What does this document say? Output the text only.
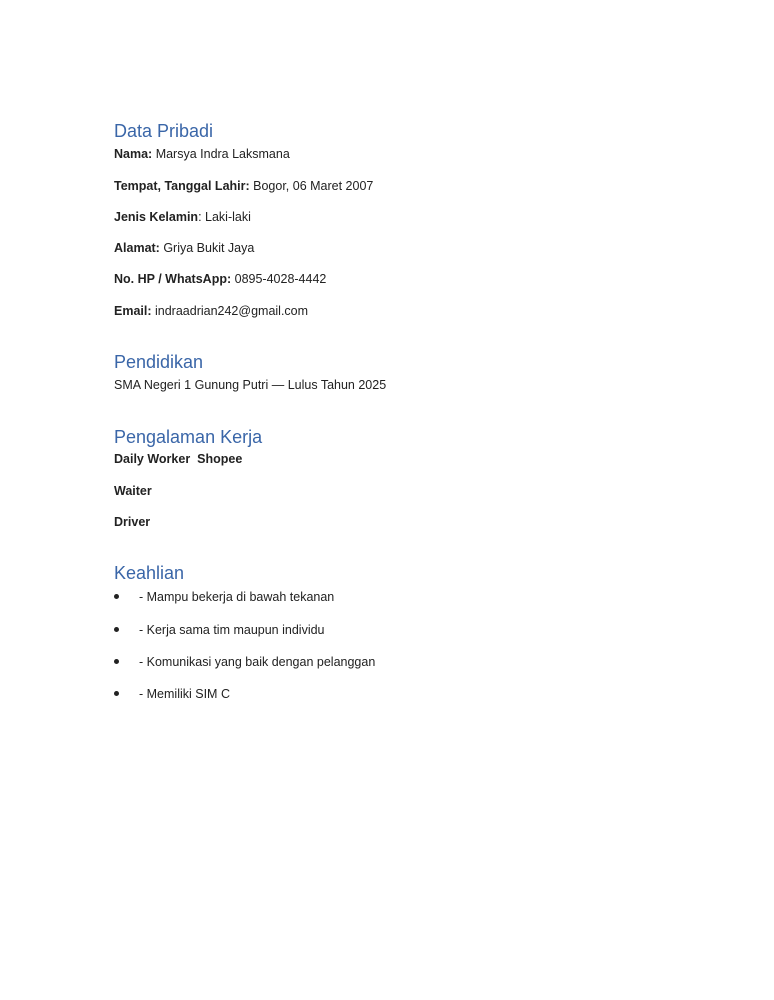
Data Pribadi

Nama: Marsya Indra Laksmana

Tempat, Tanggal Lahir: Bogor, 06 Maret 2007

Jenis Kelamin: Laki-laki

Alamat: Griya Bukit Jaya

No. HP / WhatsApp: 0895-4028-4442

Email: indraadrian242@gmail.com

Pendidikan

SMA Negeri 1 Gunung Putri — Lulus Tahun 2025

Pengalaman Kerja

Daily Worker  Shopee

Waiter

Driver

Keahlian
- Mampu bekerja di bawah tekanan
- Kerja sama tim maupun individu
- Komunikasi yang baik dengan pelanggan
- Memiliki SIM C
